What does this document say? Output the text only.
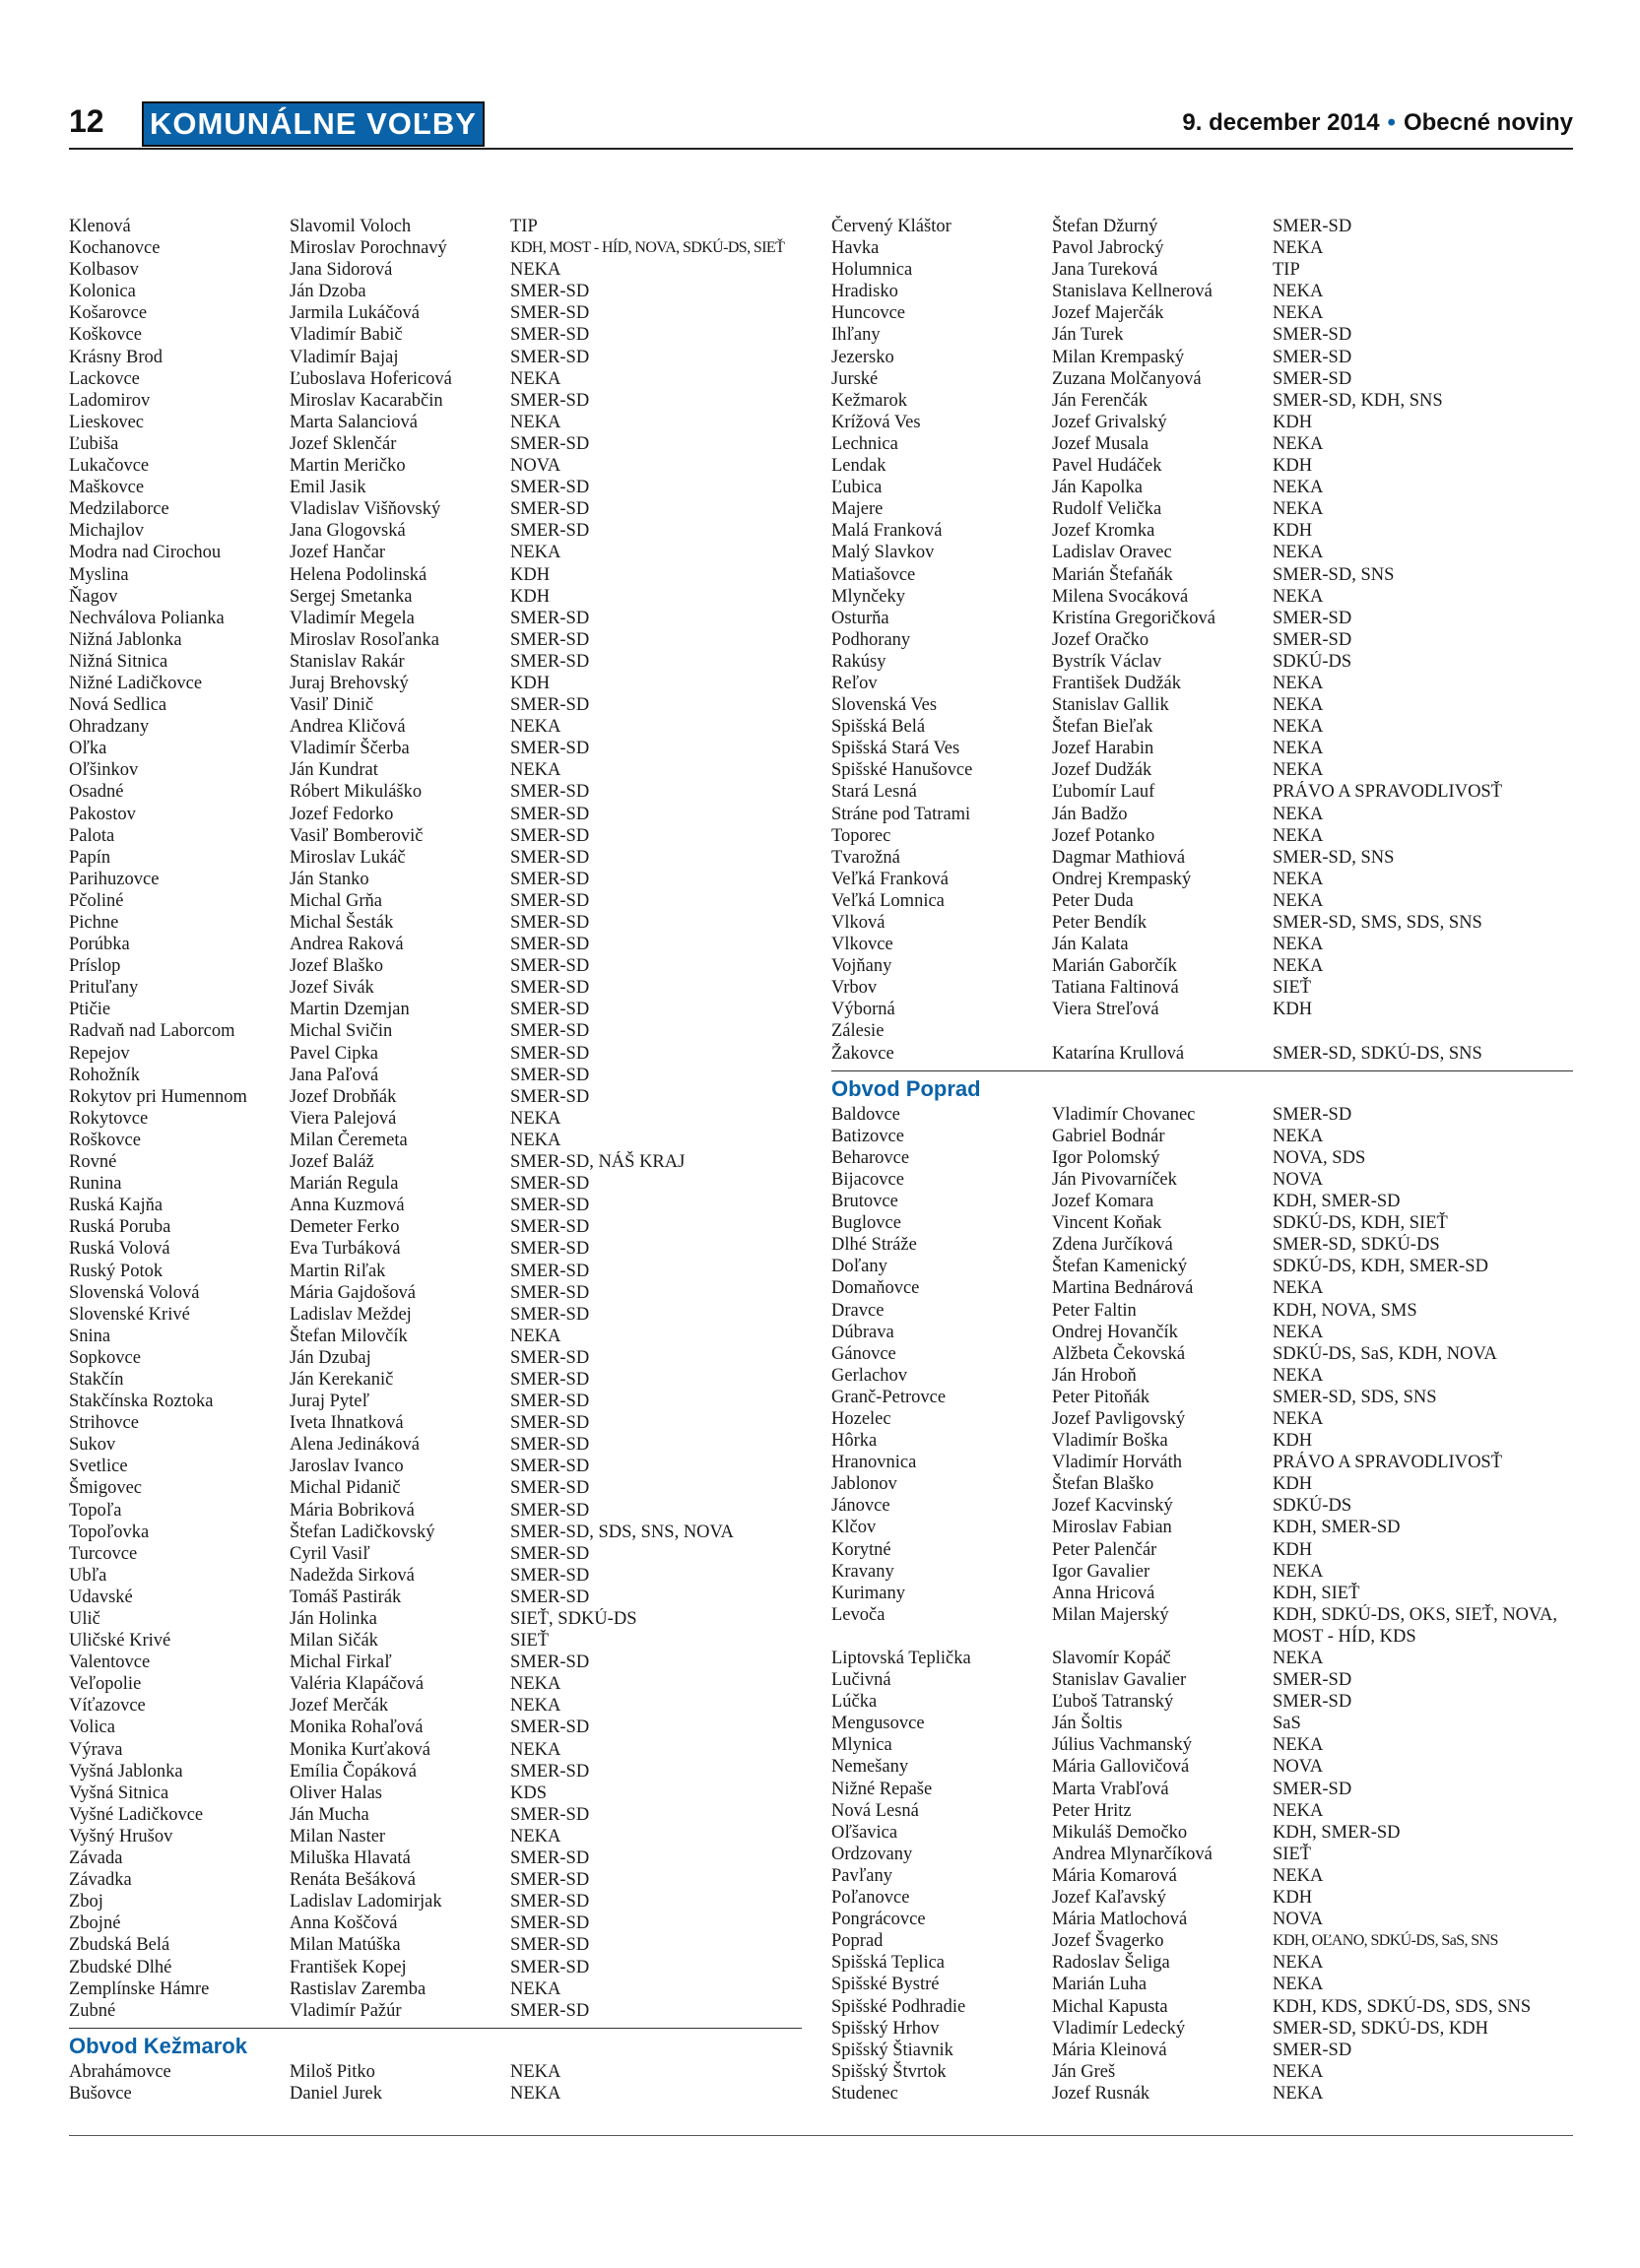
12 KOMUNÁLNE VOĽBY	9. december 2014 • Obecné noviny
Klenová	Slavomil Voloch	TIP
Kochanovce	Miroslav Porochnavý	KDH, MOST - HÍD, NOVA, SDKÚ-DS, SIEŤ
Kolbasov	Jana Sidorová	NEKA
Kolonica	Ján Dzoba	SMER-SD
Košarovce	Jarmila Lukáčová	SMER-SD
Koškovce	Vladimír Babič	SMER-SD
Krásny Brod	Vladimír Bajaj	SMER-SD
Lackovce	Ľuboslava Hofericová	NEKA
Ladomirov	Miroslav Kacarabčin	SMER-SD
Lieskovec	Marta Salanciová	NEKA
Ľubiša	Jozef Sklenčár	SMER-SD
Lukačovce	Martin Meričko	NOVA
Maškovce	Emil Jasik	SMER-SD
Medzilaborce	Vladislav Višňovský	SMER-SD
Michajlov	Jana Glogovská	SMER-SD
Modra nad Cirochou	Jozef Hančar	NEKA
Myslina	Helena Podolinská	KDH
Ňagov	Sergej Smetanka	KDH
Nechválova Polianka	Vladimír Megela	SMER-SD
Nižná Jablonka	Miroslav Rosoľanka	SMER-SD
Nižná Sitnica	Stanislav Rakár	SMER-SD
Nižné Ladičkovce	Juraj Brehovský	KDH
Nová Sedlica	Vasiľ Dinič	SMER-SD
Ohradzany	Andrea Kličová	NEKA
Oľka	Vladimír Ščerba	SMER-SD
Oľšinkov	Ján Kundrat	NEKA
Osadné	Róbert Mikuláško	SMER-SD
Pakostov	Jozef Fedorko	SMER-SD
Palota	Vasiľ Bomberovič	SMER-SD
Papín	Miroslav Lukáč	SMER-SD
Parihuzovce	Ján Stanko	SMER-SD
Pčoliné	Michal Grňa	SMER-SD
Pichne	Michal Šesták	SMER-SD
Porúbka	Andrea Raková	SMER-SD
Príslop	Jozef Blaško	SMER-SD
Prituľany	Jozef Sivák	SMER-SD
Ptičie	Martin Dzemjan	SMER-SD
Radvaň nad Laborcom	Michal Svičin	SMER-SD
Repejov	Pavel Cipka	SMER-SD
Rohožník	Jana Paľová	SMER-SD
Rokytov pri Humennom	Jozef Drobňák	SMER-SD
Rokytovce	Viera Palejová	NEKA
Roškovce	Milan Čeremeta	NEKA
Rovné	Jozef Baláž	SMER-SD, NÁŠ KRAJ
Runina	Marián Regula	SMER-SD
Ruská Kajňa	Anna Kuzmová	SMER-SD
Ruská Poruba	Demeter Ferko	SMER-SD
Ruská Volová	Eva Turbáková	SMER-SD
Ruský Potok	Martin Riľak	SMER-SD
Slovenská Volová	Mária Gajdošová	SMER-SD
Slovenské Krivé	Ladislav Meždej	SMER-SD
Snina	Štefan Milovčík	NEKA
Sopkovce	Ján Dzubaj	SMER-SD
Stakčín	Ján Kerekanič	SMER-SD
Stakčínska Roztoka	Juraj Pyteľ	SMER-SD
Strihovce	Iveta Ihnatková	SMER-SD
Sukov	Alena Jedináková	SMER-SD
Svetlice	Jaroslav Ivanco	SMER-SD
Šmigovec	Michal Pidanič	SMER-SD
Topoľa	Mária Bobriková	SMER-SD
Topoľovka	Štefan Ladičkovský	SMER-SD, SDS, SNS, NOVA
Turcovce	Cyril Vasiľ	SMER-SD
Ubľa	Nadežda Sirková	SMER-SD
Udavské	Tomáš Pastirák	SMER-SD
Ulič	Ján Holinka	SIEŤ, SDKÚ-DS
Uličské Krivé	Milan Sičák	SIEŤ
Valentovce	Michal Firkaľ	SMER-SD
Veľopolie	Valéria Klapáčová	NEKA
Víťazovce	Jozef Merčák	NEKA
Volica	Monika Rohaľová	SMER-SD
Výrava	Monika Kurťaková	NEKA
Vyšná Jablonka	Emília Čopáková	SMER-SD
Vyšná Sitnica	Oliver Halas	KDS
Vyšné Ladičkovce	Ján Mucha	SMER-SD
Vyšný Hrušov	Milan Naster	NEKA
Závada	Miluška Hlavatá	SMER-SD
Závadka	Renáta Bešáková	SMER-SD
Zboj	Ladislav Ladomirjak	SMER-SD
Zbojné	Anna Koščová	SMER-SD
Zbudská Belá	Milan Matúška	SMER-SD
Zbudské Dlhé	František Kopej	SMER-SD
Zemplínske Hámre	Rastislav Zaremba	NEKA
Zubné	Vladimír Pažúr	SMER-SD
Obvod Kežmarok
Abrahámovce	Miloš Pitko	NEKA
Bušovce	Daniel Jurek	NEKA
Červený Kláštor	Štefan Džurný	SMER-SD
Havka	Pavol Jabrocký	NEKA
Holumnica	Jana Tureková	TIP
Hradisko	Stanislava Kellnerová	NEKA
Huncovce	Jozef Majerčák	NEKA
Ihľany	Ján Turek	SMER-SD
Jezersko	Milan Krempaský	SMER-SD
Jurské	Zuzana Molčanyová	SMER-SD
Kežmarok	Ján Ferenčák	SMER-SD, KDH, SNS
Krížová Ves	Jozef Grivalský	KDH
Lechnica	Jozef Musala	NEKA
Lendak	Pavel Hudáček	KDH
Ľubica	Ján Kapolka	NEKA
Majere	Rudolf Velička	NEKA
Malá Franková	Jozef Kromka	KDH
Malý Slavkov	Ladislav Oravec	NEKA
Matiašovce	Marián Štefaňák	SMER-SD, SNS
Mlynčeky	Milena Svocáková	NEKA
Osturňa	Kristína Gregoričková	SMER-SD
Podhorany	Jozef Oračko	SMER-SD
Rakúsy	Bystrík Václav	SDKÚ-DS
Reľov	František Dudžák	NEKA
Slovenská Ves	Stanislav Gallik	NEKA
Spišská Belá	Štefan Bieľak	NEKA
Spišská Stará Ves	Jozef Harabin	NEKA
Spišské Hanušovce	Jozef Dudžák	NEKA
Stará Lesná	Ľubomír Lauf	PRÁVO A SPRAVODLIVOSŤ
Stráne pod Tatrami	Ján Badžo	NEKA
Toporec	Jozef Potanko	NEKA
Tvarožná	Dagmar Mathiová	SMER-SD, SNS
Veľká Franková	Ondrej Krempaský	NEKA
Veľká Lomnica	Peter Duda	NEKA
Vlková	Peter Bendík	SMER-SD, SMS, SDS, SNS
Vlkovce	Ján Kalata	NEKA
Vojňany	Marián Gaborčík	NEKA
Vrbov	Tatiana Faltinová	SIEŤ
Výborná	Viera Streľová	KDH
Zálesie
Žakovce	Katarína Krullová	SMER-SD, SDKÚ-DS, SNS
Obvod Poprad
Baldovce	Vladimír Chovanec	SMER-SD
Batizovce	Gabriel Bodnár	NEKA
Beharovce	Igor Polomský	NOVA, SDS
Bijacovce	Ján Pivovarníček	NOVA
Brutovce	Jozef Komara	KDH, SMER-SD
Buglovce	Vincent Koňak	SDKÚ-DS, KDH, SIEŤ
Dlhé Stráže	Zdena Jurčíková	SMER-SD, SDKÚ-DS
Doľany	Štefan Kamenický	SDKÚ-DS, KDH, SMER-SD
Domaňovce	Martina Bednárová	NEKA
Dravce	Peter Faltin	KDH, NOVA, SMS
Dúbrava	Ondrej Hovančík	NEKA
Gánovce	Alžbeta Čekovská	SDKÚ-DS, SaS, KDH, NOVA
Gerlachov	Ján Hroboň	NEKA
Granč-Petrovce	Peter Pitoňák	SMER-SD, SDS, SNS
Hozelec	Jozef Pavligovský	NEKA
Hôrka	Vladimír Boška	KDH
Hranovnica	Vladimír Horváth	PRÁVO A SPRAVODLIVOSŤ
Jablonov	Štefan Blaško	KDH
Jánovce	Jozef Kacvinský	SDKÚ-DS
Klčov	Miroslav Fabian	KDH, SMER-SD
Korytné	Peter Palenčár	KDH
Kravany	Igor Gavalier	NEKA
Kurimany	Anna Hricová	KDH, SIEŤ
Levoča	Milan Majerský	KDH, SDKÚ-DS, OKS, SIEŤ, NOVA, MOST - HÍD, KDS
Liptovská Teplička	Slavomír Kopáč	NEKA
Lučivná	Stanislav Gavalier	SMER-SD
Lúčka	Ľuboš Tatranský	SMER-SD
Mengusovce	Ján Šoltis	SaS
Mlynica	Július Vachmanský	NEKA
Nemešany	Mária Gallovičová	NOVA
Nižné Repaše	Marta Vrabľová	SMER-SD
Nová Lesná	Peter Hritz	NEKA
Oľšavica	Mikuláš Demočko	KDH, SMER-SD
Ordzovany	Andrea Mlynarčíková	SIEŤ
Pavľany	Mária Komarová	NEKA
Poľanovce	Jozef Kaľavský	KDH
Pongrácovce	Mária Matlochová	NOVA
Poprad	Jozef Švagerko	KDH, OĽANO, SDKÚ-DS, SaS, SNS
Spišská Teplica	Radoslav Šeliga	NEKA
Spišské Bystré	Marián Luha	NEKA
Spišské Podhradie	Michal Kapusta	KDH, KDS, SDKÚ-DS, SDS, SNS
Spišský Hrhov	Vladimír Ledecký	SMER-SD, SDKÚ-DS, KDH
Spišský Štiavnik	Mária Kleinová	SMER-SD
Spišský Štvrtok	Ján Greš	NEKA
Studenec	Jozef Rusnák	NEKA
